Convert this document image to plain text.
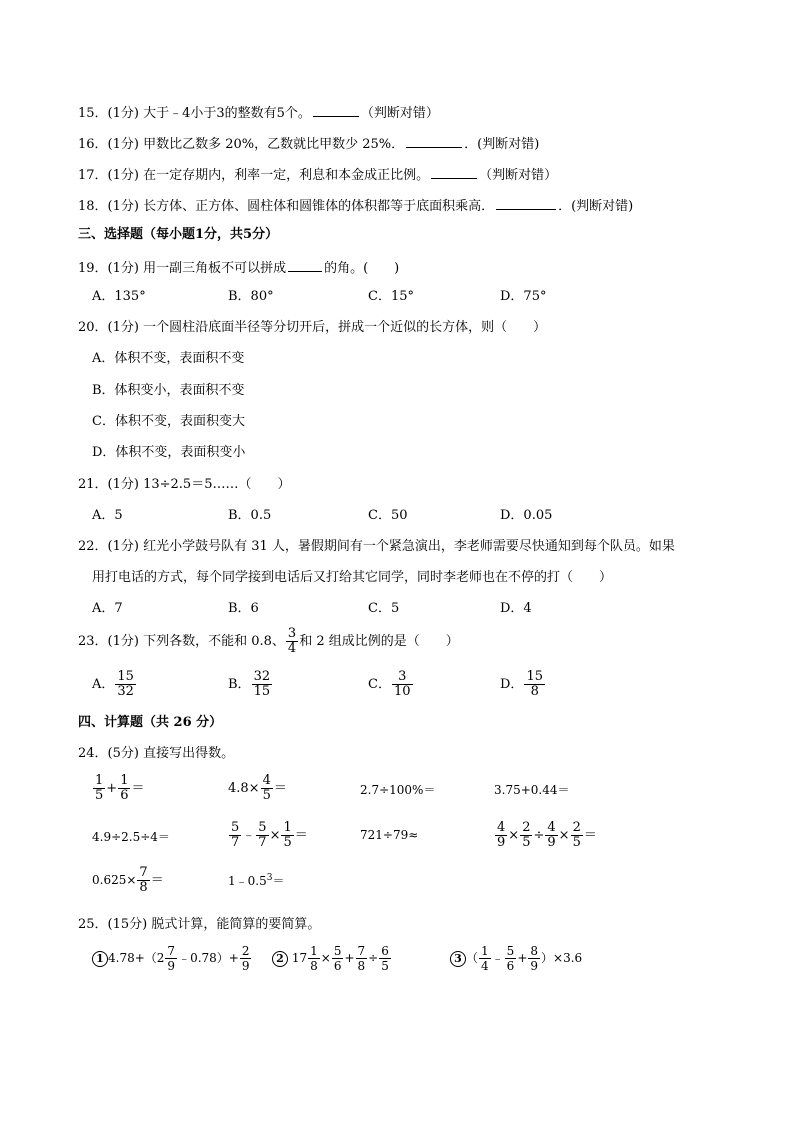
15．(1分) 大于﹣4小于3的整数有5个。	（判断对错）
16．(1分) 甲数比乙数多 20%，乙数就比甲数少 25%．	．(判断对错)
17．(1分) 在一定存期内，利率一定，利息和本金成正比例。	（判断对错）
18．(1分) 长方体、正方体、圆柱体和圆锥体的体积都等于底面积乘高．	．(判断对错)
三、选择题（每小题1分，共5分）
19．(1分) 用一副三角板不可以拼成	的角。(　　)
A．135°	B．80°	C．15°	D．75°
20．(1分) 一个圆柱沿底面半径等分切开后，拼成一个近似的长方体，则（　　）
A．体积不变，表面积不变
B．体积变小，表面积不变
C．体积不变，表面积变大
D．体积不变，表面积变小
21．(1分) 13÷2.5＝5……（　　）
A．5	B．0.5	C．50	D．0.05
22．(1分) 红光小学鼓号队有 31 人，暑假期间有一个紧急演出，李老师需要尽快通知到每个队员。如果
用打电话的方式，每个同学接到电话后又打给其它同学，同时李老师也在不停的打（　　）
A．7	B．6	C．5	D．4
23．(1分) 下列各数，不能和 0.8、 $\frac{3}{4}$ 和 2 组成比例的是（　　）
A． $\frac{15}{32}$	B． $\frac{32}{15}$	C． $\frac{3}{10}$	D． $\frac{15}{8}$
四、计算题（共 26 分）
24．(5分) 直接写出得数。
$\frac{1}{5} + \frac{1}{6}$ ＝	$4.8\times \frac{4}{5}$ ＝	2.7÷100%＝	3.75+0.44＝
4.9÷2.5÷4＝	$\frac{5}{7}$ ﹣ $\frac{5}{7} \times \frac{1}{5}$ ＝	721÷79≈	$\frac{4}{9} \times \frac{2}{5} \div \frac{4}{9} \times \frac{2}{5}$ ＝
$0.625\times \frac{7}{8}$ ＝	$1﹣0.5^3=$
25．(15分) 脱式计算，能简算的要简算。
1 $4.78+(2 \frac{7}{9}$ ﹣0.78）+ $\frac{2}{9}$	2 $17 \frac{1}{8} \times \frac{5}{6} + \frac{7}{8} \div \frac{6}{5}$	3 （ $\frac{1}{4}$ ﹣ $\frac{5}{6} + \frac{8}{9} )\times 3.6$
